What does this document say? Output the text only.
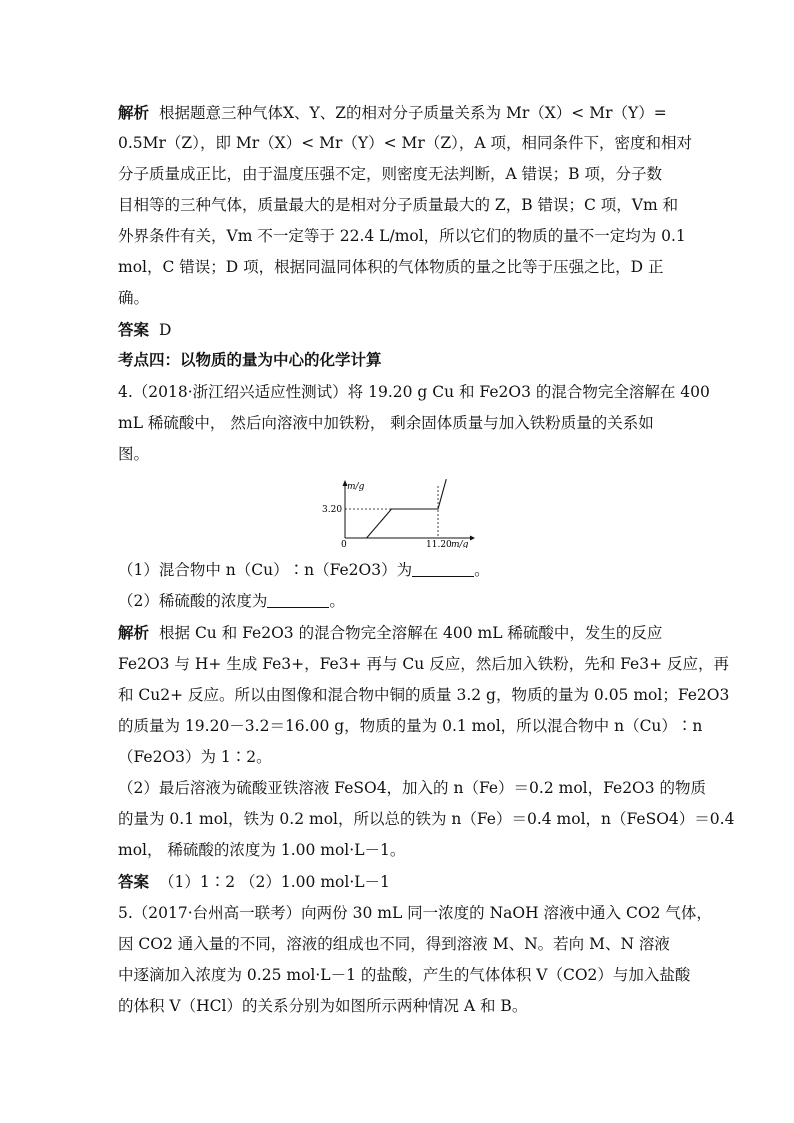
解析 根据题意三种气体X、Y、Z的相对分子质量关系为 Mr（X）< Mr（Y）=
0.5Mr（Z），即 Mr（X）< Mr（Y）< Mr（Z），A 项，相同条件下，密度和相对
分子质量成正比，由于温度压强不定，则密度无法判断，A 错误；B 项，分子数
目相等的三种气体，质量最大的是相对分子质量最大的 Z，B 错误；C 项，Vm 和
外界条件有关，Vm 不一定等于 22.4 L/mol，所以它们的物质的量不一定均为 0.1
mol，C 错误；D 项，根据同温同体积的气体物质的量之比等于压强之比，D 正
确。
答案 D
考点四：以物质的量为中心的化学计算
4.（2018·浙江绍兴适应性测试）将 19.20 g Cu 和 Fe2O3 的混合物完全溶解在 400
mL 稀硫酸中， 然后向溶液中加铁粉， 剩余固体质量与加入铁粉质量的关系如
图。
m/g
3.20
0	11.20 m/g
（1）混合物中 n（Cu）∶n（Fe2O3）为	。
（2）稀硫酸的浓度为	。
解析 根据 Cu 和 Fe2O3 的混合物完全溶解在 400 mL 稀硫酸中，发生的反应
Fe2O3 与 H+ 生成 Fe3+，Fe3+ 再与 Cu 反应，然后加入铁粉，先和 Fe3+ 反应，再
和 Cu2+ 反应。所以由图像和混合物中铜的质量 3.2 g，物质的量为 0.05 mol；Fe2O3
的质量为 19.20－3.2＝16.00 g，物质的量为 0.1 mol，所以混合物中 n（Cu）∶n
（Fe2O3）为 1∶2。
（2）最后溶液为硫酸亚铁溶液 FeSO4，加入的 n（Fe）＝0.2 mol，Fe2O3 的物质
的量为 0.1 mol，铁为 0.2 mol，所以总的铁为 n（Fe）＝0.4 mol，n（FeSO4）＝0.4
mol， 稀硫酸的浓度为 1.00 mol·L－1。
答案 （1）1∶2 （2）1.00 mol·L－1
5.（2017·台州高一联考）向两份 30 mL 同一浓度的 NaOH 溶液中通入 CO2 气体，
因 CO2 通入量的不同，溶液的组成也不同，得到溶液 M、N。若向 M、N 溶液
中逐滴加入浓度为 0.25 mol·L－1 的盐酸，产生的气体体积 V（CO2）与加入盐酸
的体积 V（HCl）的关系分别为如图所示两种情况 A 和 B。
